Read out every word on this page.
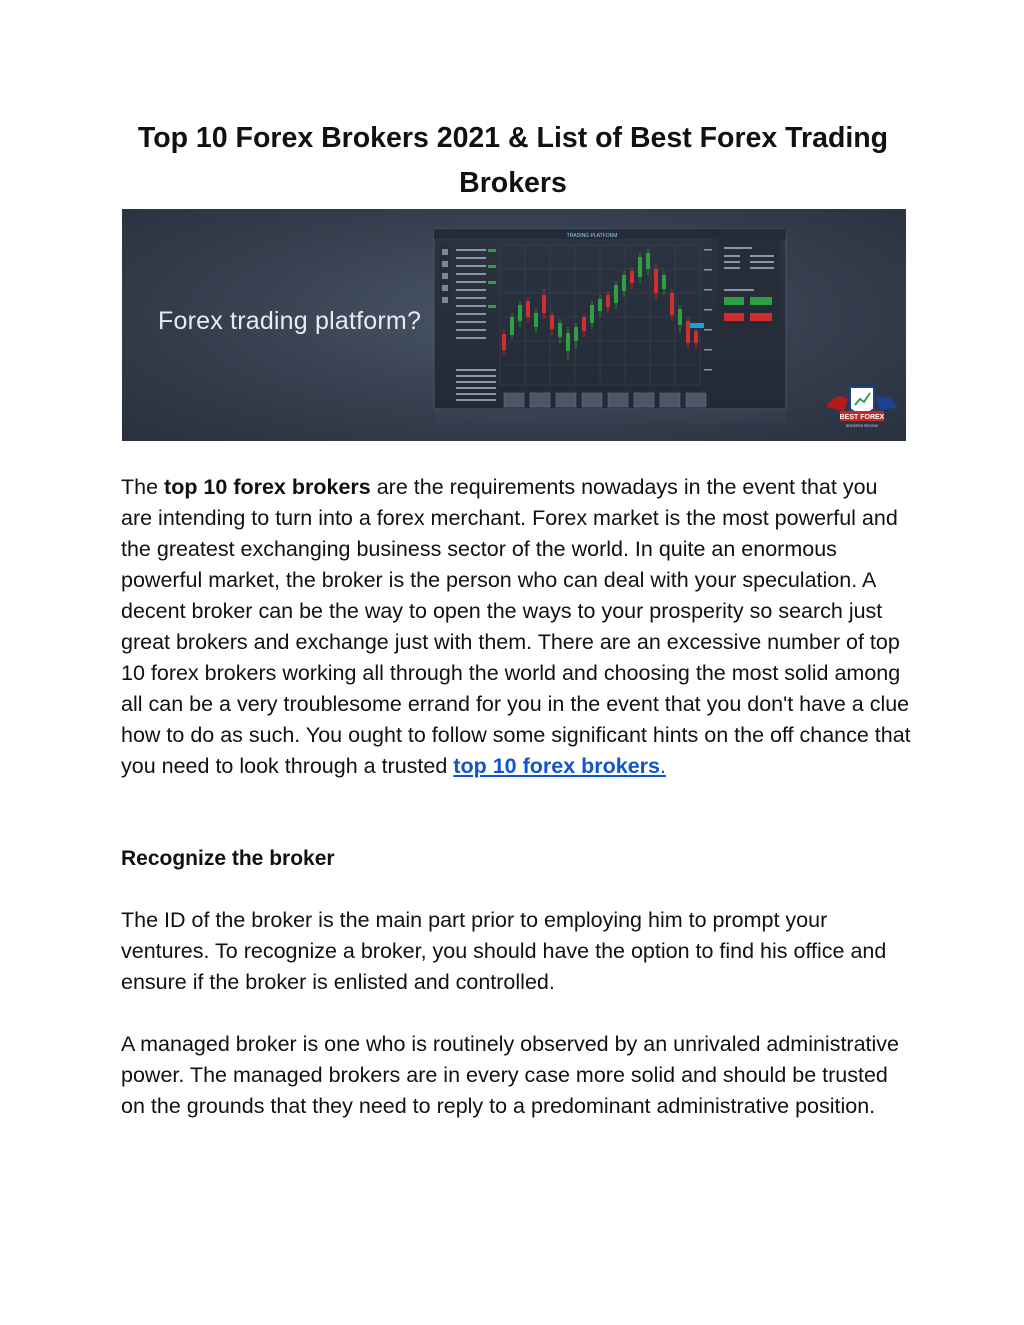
Top 10 Forex Brokers 2021 & List of Best Forex Trading Brokers
Forex trading platform?
TRADING PLATFORM
BEST FOREX
BROKERS REVIEW
The top 10 forex brokers are the requirements nowadays in the event that you are intending to turn into a forex merchant. Forex market is the most powerful and the greatest exchanging business sector of the world. In quite an enormous powerful market, the broker is the person who can deal with your speculation. A decent broker can be the way to open the ways to your prosperity so search just great brokers and exchange just with them. There are an excessive number of top 10 forex brokers working all through the world and choosing the most solid among all can be a very troublesome errand for you in the event that you don't have a clue how to do as such. You ought to follow some significant hints on the off chance that you need to look through a trusted top 10 forex brokers.
Recognize the broker
The ID of the broker is the main part prior to employing him to prompt your ventures. To recognize a broker, you should have the option to find his office and ensure if the broker is enlisted and controlled.
A managed broker is one who is routinely observed by an unrivaled administrative power. The managed brokers are in every case more solid and should be trusted on the grounds that they need to reply to a predominant administrative position.
